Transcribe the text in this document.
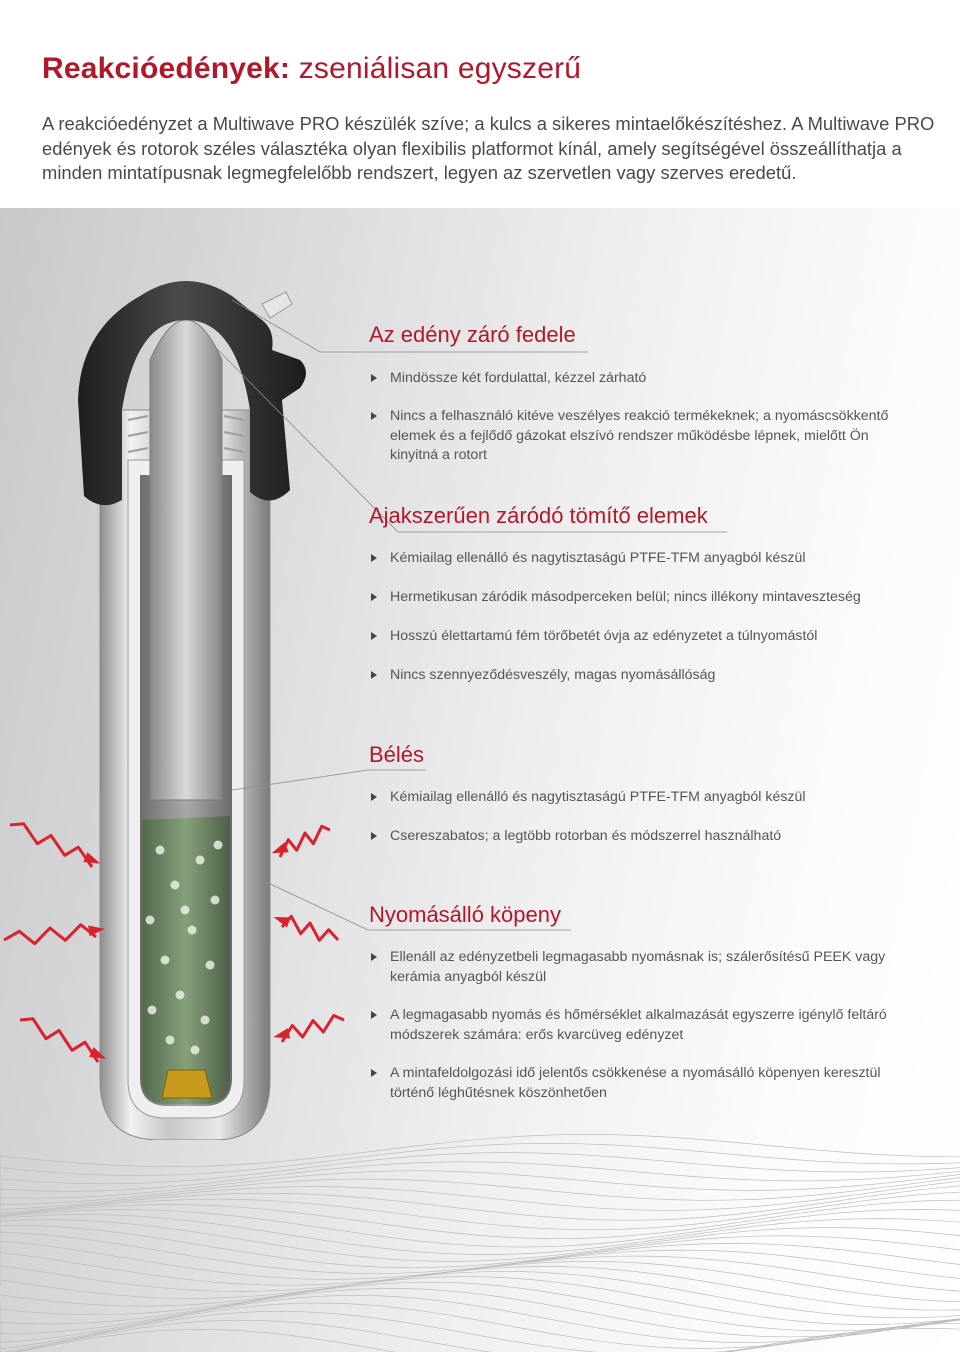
Reakcióedények: zseniálisan egyszerű

A reakcióedényzet a Multiwave PRO készülék szíve; a kulcs a sikeres mintaelőkészítéshez. A Multiwave PRO edények és rotorok széles választéka olyan flexibilis platformot kínál, amely segítségével összeállíthatja a minden mintatípusnak legmegfelelőbb rendszert, legyen az szervetlen vagy szerves eredetű.

Az edény záró fedele
Mindössze két fordulattal, kézzel zárható
Nincs a felhasználó kitéve veszélyes reakció termékeknek; a nyomáscsökkentő elemek és a fejlődő gázokat elszívó rendszer működésbe lépnek, mielőtt Ön kinyitná a rotort
Ajakszerűen záródó tömítő elemek
Kémiailag ellenálló és nagytisztaságú PTFE-TFM anyagból készül
Hermetikusan záródik másodperceken belül; nincs illékony mintaveszteség
Hosszú élettartamú fém törőbetét óvja az edényzetet a túlnyomástól
Nincs szennyeződésveszély, magas nyomásállóság
Bélés
Kémiailag ellenálló és nagytisztaságú PTFE-TFM anyagból készül
Csereszabatos; a legtöbb rotorban és módszerrel használható
Nyomásálló köpeny
Ellenáll az edényzetbeli legmagasabb nyomásnak is; szálerősítésű PEEK vagy kerámia anyagból készül
A legmagasabb nyomás és hőmérséklet alkalmazását egyszerre igénylő feltáró módszerek számára: erős kvarcüveg edényzet
A mintafeldolgozási idő jelentős csökkenése a nyomásálló köpenyen keresztül történő léghűtésnek köszönhetően
